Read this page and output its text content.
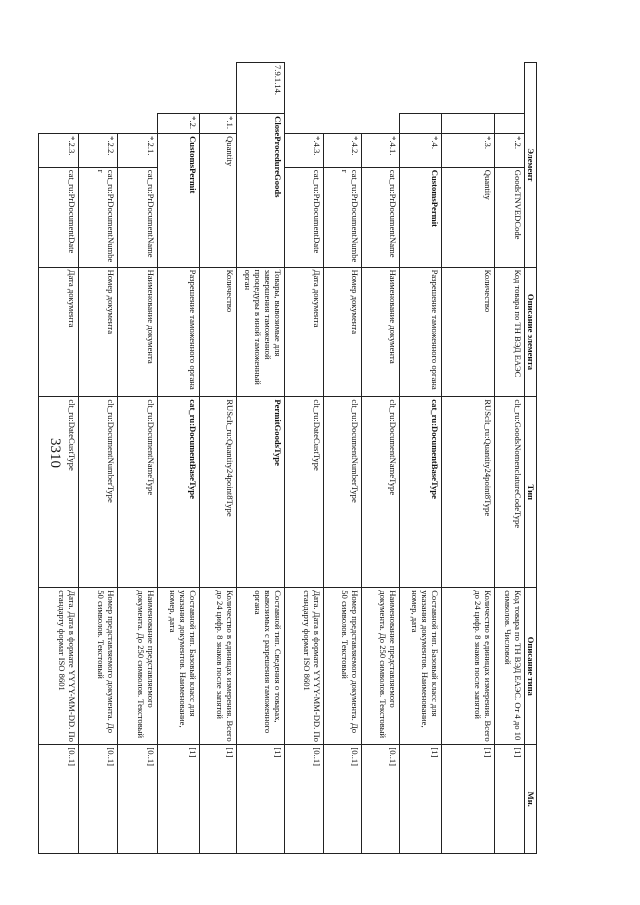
3310
Элемент				Описание элемента	Тип	Описание типа	Мн.
		*.2.	GoodsTNVEDCode	Код товара по ТН ВЭД ЕАЭС	clt_ru:GoodsNomenclatureCodeType	Код товара по ТН ВЭД ЕАЭС. От 4 до 10 символов. Числовой	[1]
		*.3.	Quantity	Количество	RUSclt_ru:Quantity24point8Type	Количество в единицах измерения. Всего до 24 цифр. 8 знаков после запятой	[1]
		*.4.	CustomsPermit	Разрешение таможенного органа	cat_ru:DocumentBaseType	Составной тип. Базовый класс для указания документов. Наименование, номер, дата	[1]
		*.4.1.	cat_ru:PrDocumentName	Наименование документа	clt_ru:DocumentNameType	Наименование представляемого документа. До 250 символов. Текстовый	[0..1]
		*.4.2.	cat_ru:PrDocumentNumber	Номер документа	clt_ru:DocumentNumberType	Номер представляемого документа. До 50 символов. Текстовый	[0..1]
		*.4.3.	cat_ru:PrDocumentDate	Дата документа	clt_ru:DateCustType	Дата. Дата в формате YYYY-MM-DD. По стандарту формат ISO 8601	[0..1]
7.9.1.14.	CloseProcedureGoods			Товары, вывозимые для завершения таможенной процедуры в иной таможенный орган	PermitGoodsType	Составной тип. Сведения о товарах, вывозимых с разрешения таможенного органа	[1]
	*.1.	Quantity		Количество	RUScIt_ru:Quantity24point8Type	Количество в единицах измерения. Всего до 24 цифр. 8 знаков после запятой	[1]
	*.2.	CustomsPermit		Разрешение таможенного органа	cat_ru:DocumentBaseType	Составной тип. Базовый класс для указания документов. Наименование, номер, дата	[1]
		*.2.1.	cat_ru:PrDocumentName	Наименование документа	clt_ru:DocumentNameType	Наименование представляемого документа. До 250 символов. Текстовый	[0..1]
		*.2.2.	cat_ru:PrDocumentNumber	Номер документа	clt_ru:DocumentNumberType	Номер представляемого документа. До 50 символов. Текстовый	[0..1]
		*.2.3.	cat_ru:PrDocumentDate	Дата документа	clt_ru:DateCustType	Дата. Дата в формате YYYY-MM-DD. По стандарту формат ISO 8601	[0..1]
